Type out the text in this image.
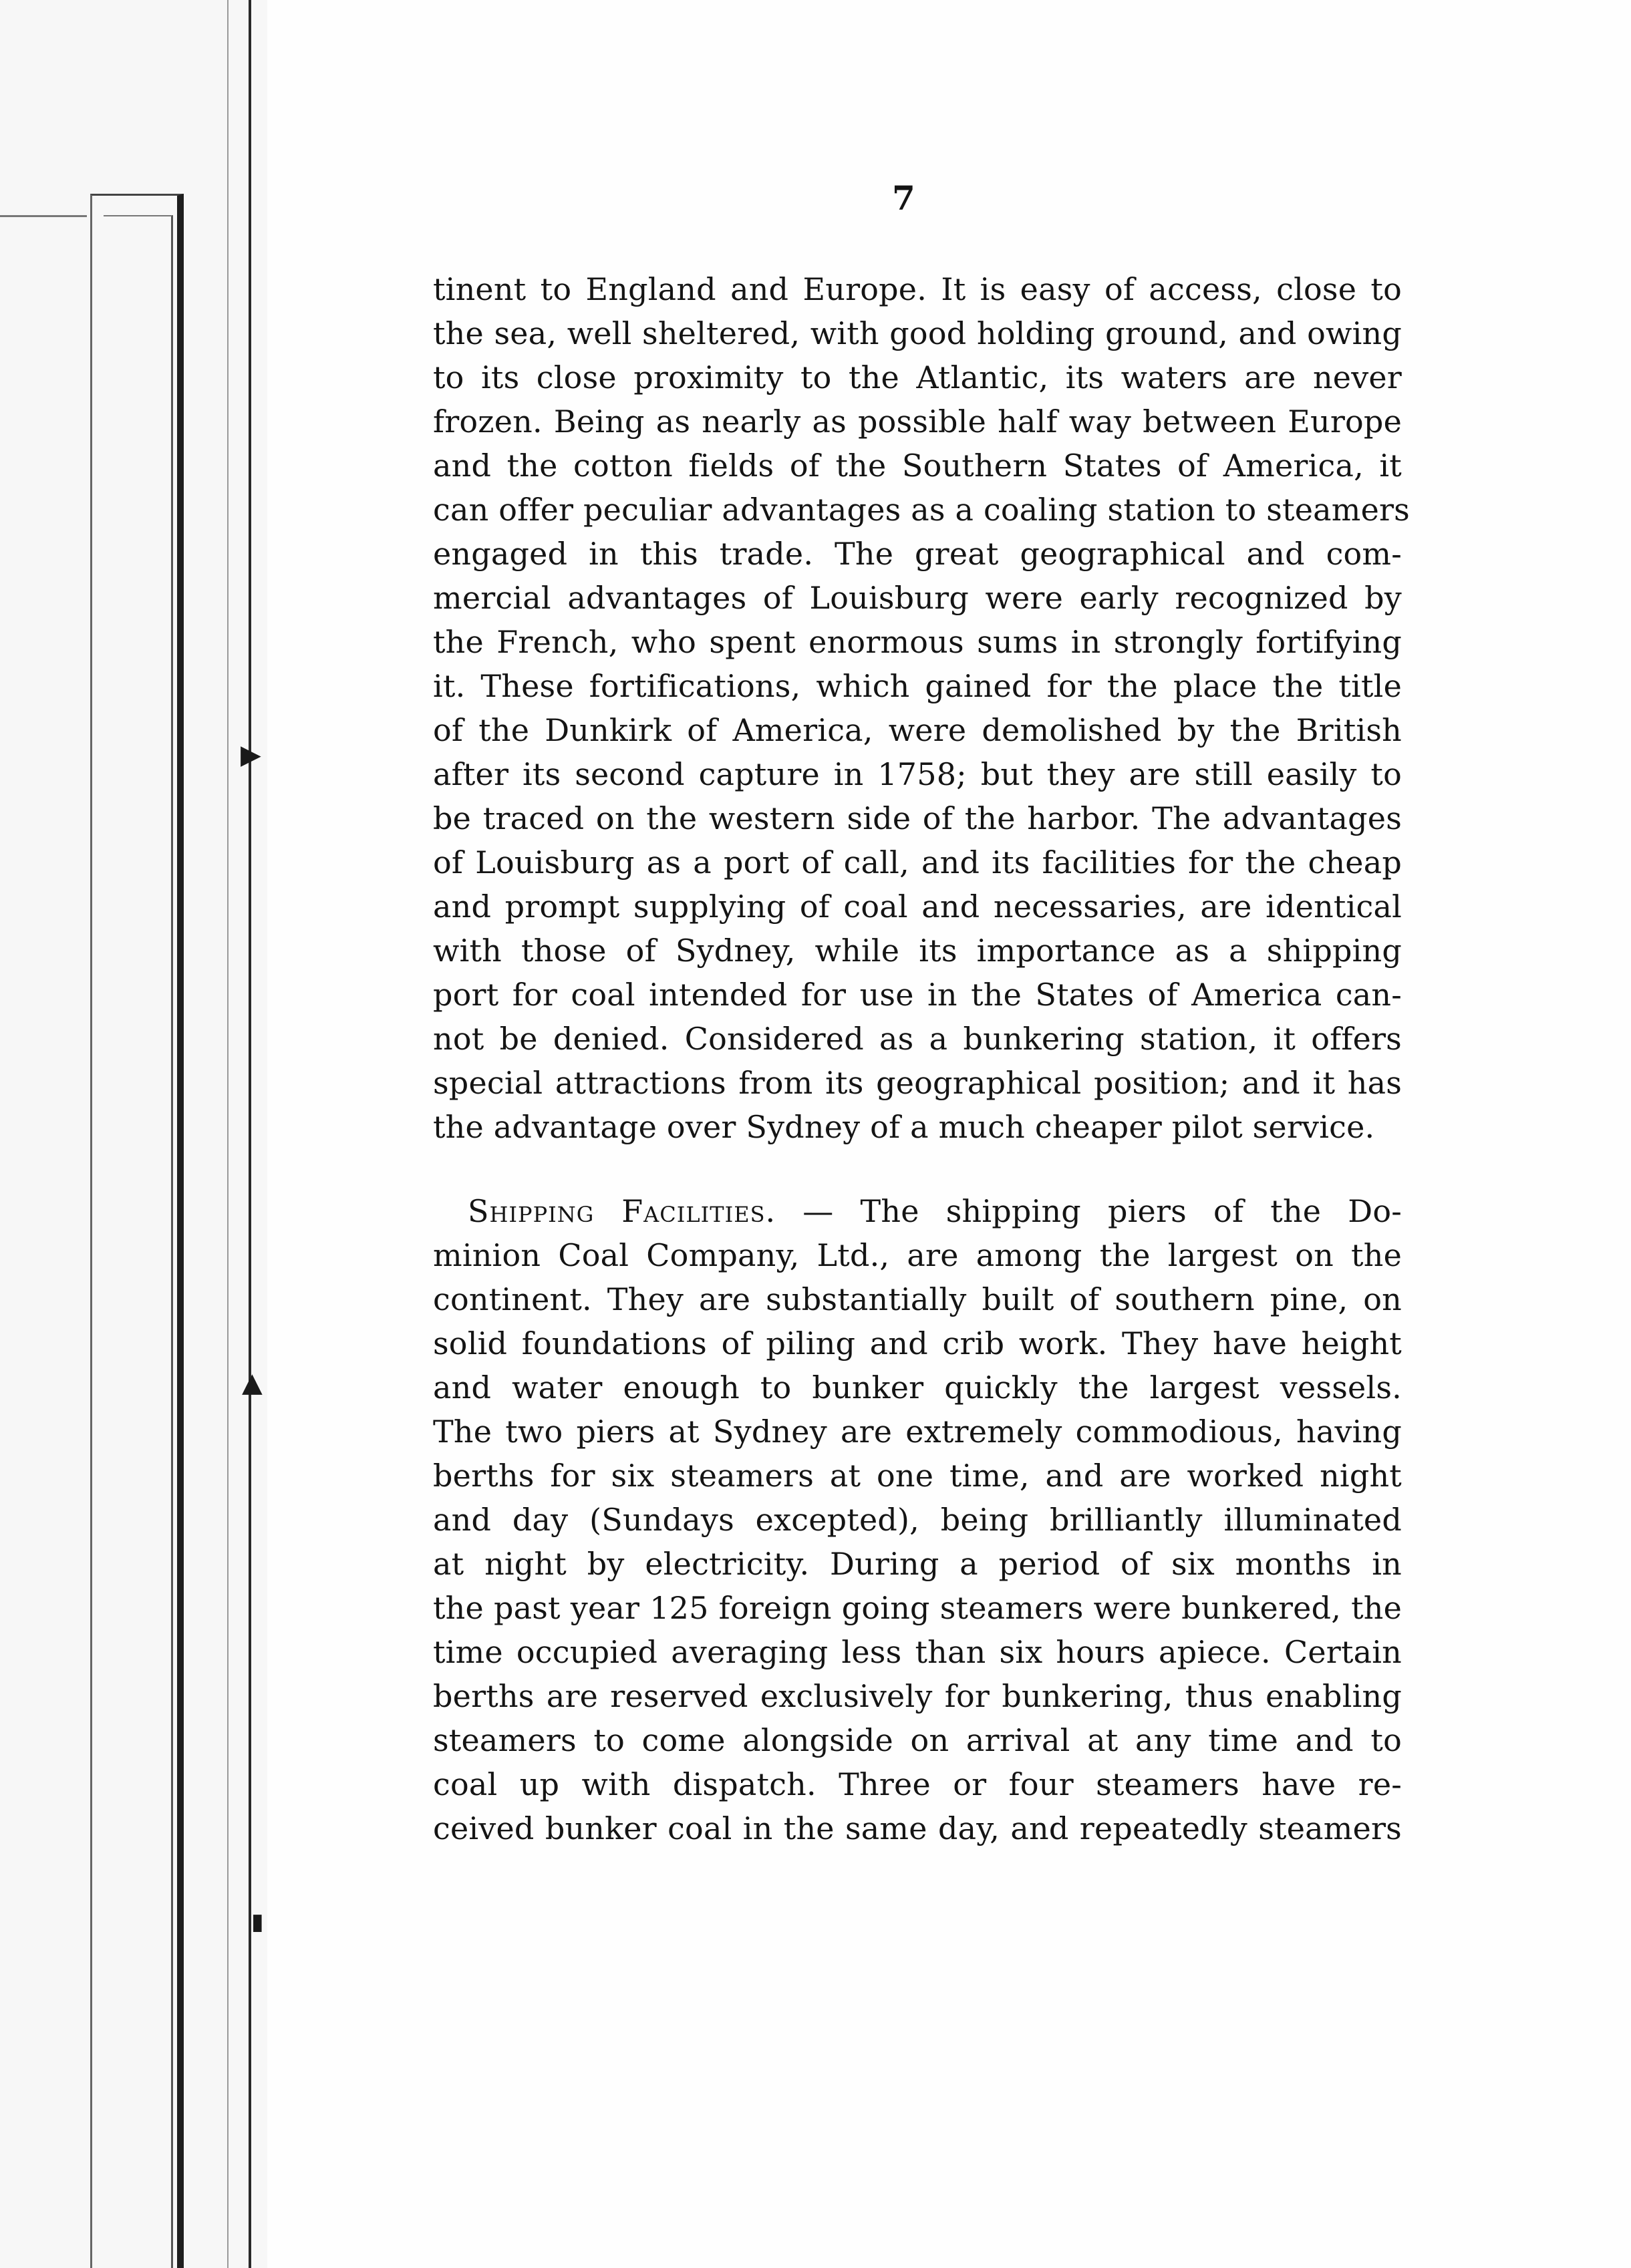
▶
▲
▮
7
tinent to England and Europe. It is easy of access, close to
the sea, well sheltered, with good holding ground, and owing
to its close proximity to the Atlantic, its waters are never
frozen. Being as nearly as possible half way between Europe
and the cotton fields of the Southern States of America, it
can offer peculiar advantages as a coaling station to steamers
engaged in this trade. The great geographical and com-
mercial advantages of Louisburg were early recognized by
the French, who spent enormous sums in strongly fortifying
it. These fortifications, which gained for the place the title
of the Dunkirk of America, were demolished by the British
after its second capture in 1758; but they are still easily to
be traced on the western side of the harbor. The advantages
of Louisburg as a port of call, and its facilities for the cheap
and prompt supplying of coal and necessaries, are identical
with those of Sydney, while its importance as a shipping
port for coal intended for use in the States of America can-
not be denied. Considered as a bunkering station, it offers
special attractions from its geographical position; and it has
the advantage over Sydney of a much cheaper pilot service.
Shipping Facilities. — The shipping piers of the Do-
minion Coal Company, Ltd., are among the largest on the
continent. They are substantially built of southern pine, on
solid foundations of piling and crib work. They have height
and water enough to bunker quickly the largest vessels.
The two piers at Sydney are extremely commodious, having
berths for six steamers at one time, and are worked night
and day (Sundays excepted), being brilliantly illuminated
at night by electricity. During a period of six months in
the past year 125 foreign going steamers were bunkered, the
time occupied averaging less than six hours apiece. Certain
berths are reserved exclusively for bunkering, thus enabling
steamers to come alongside on arrival at any time and to
coal up with dispatch. Three or four steamers have re-
ceived bunker coal in the same day, and repeatedly steamers
